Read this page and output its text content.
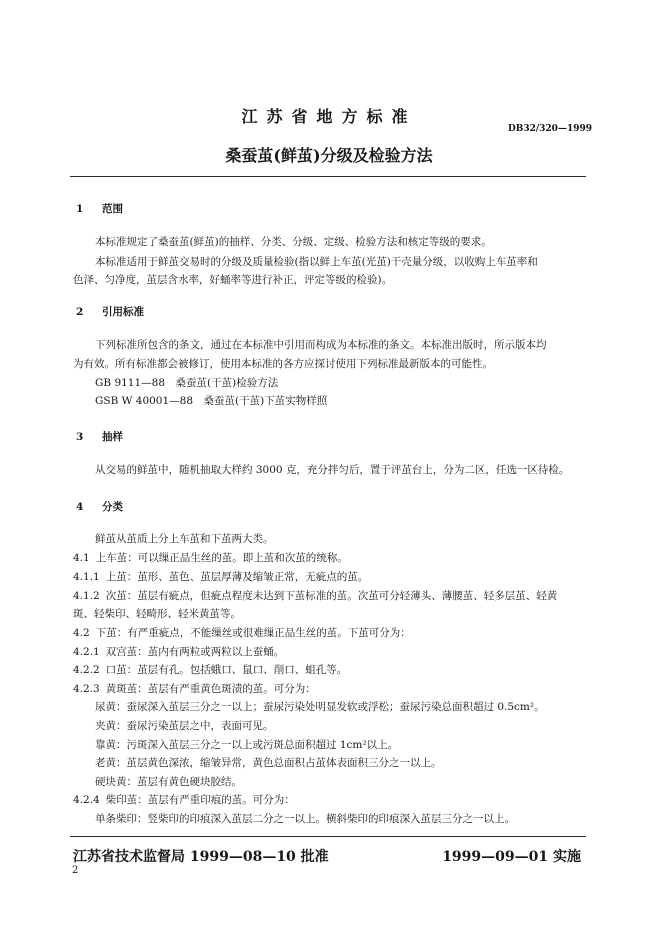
江苏省地方标准
DB32/320—1999
桑蚕茧(鲜茧)分级及检验方法
1 范围
本标准规定了桑蚕茧(鲜茧)的抽样、分类、分级、定级、检验方法和核定等级的要求。
本标准适用于鲜茧交易时的分级及质量检验(指以鲜上车茧(光茧)干壳量分级，以收购上车茧率和
色泽、匀净度，茧层含水率，好蛹率等进行补正，评定等级的检验)。
2 引用标准
下列标准所包含的条文，通过在本标准中引用而构成为本标准的条文。本标准出版时，所示版本均
为有效。所有标准都会被修订，使用本标准的各方应探讨使用下列标准最新版本的可能性。
GB 9111—88　桑蚕茧(干茧)检验方法
GSB W 40001—88　桑蚕茧(干茧)下茧实物样照
3 抽样
从交易的鲜茧中，随机抽取大样约 3000 克，充分拌匀后，置于评茧台上，分为二区，任选一区待检。
4 分类
鲜茧从茧质上分上车茧和下茧两大类。
4.1 上车茧：可以缫正品生丝的茧。即上茧和次茧的统称。
4.1.1 上茧：茧形、茧色、茧层厚薄及缩皱正常，无疵点的茧。
4.1.2 次茧：茧层有疵点，但疵点程度未达到下茧标准的茧。次茧可分轻薄头、薄腰茧、轻多层茧、轻黄
斑、轻柴印、轻畸形、轻米黄茧等。
4.2 下茧：有严重疵点，不能缫丝或很难缫正品生丝的茧。下茧可分为：
4.2.1 双宫茧：茧内有两粒或两粒以上蚕蛹。
4.2.2 口茧：茧层有孔。包括蛾口、鼠口、削口、蛆孔等。
4.2.3 黄斑茧：茧层有严重黄色斑渍的茧。可分为：
尿黄：蚕尿深入茧层三分之一以上；蚕尿污染处明显发软或浮松；蚕尿污染总面积超过 0.5cm²。
夹黄：蚕尿污染茧层之中，表面可见。
靠黄：污斑深入茧层三分之一以上或污斑总面积超过 1cm²以上。
老黄：茧层黄色深浓，缩皱异常，黄色总面积占茧体表面积三分之一以上。
硬块黄：茧层有黄色硬块胶结。
4.2.4 柴印茧：茧层有严重印痕的茧。可分为：
单条柴印：竖柴印的印痕深入茧层二分之一以上。横斜柴印的印痕深入茧层三分之一以上。
江苏省技术监督局 1999—08—10 批准	1999—09—01 实施
2
